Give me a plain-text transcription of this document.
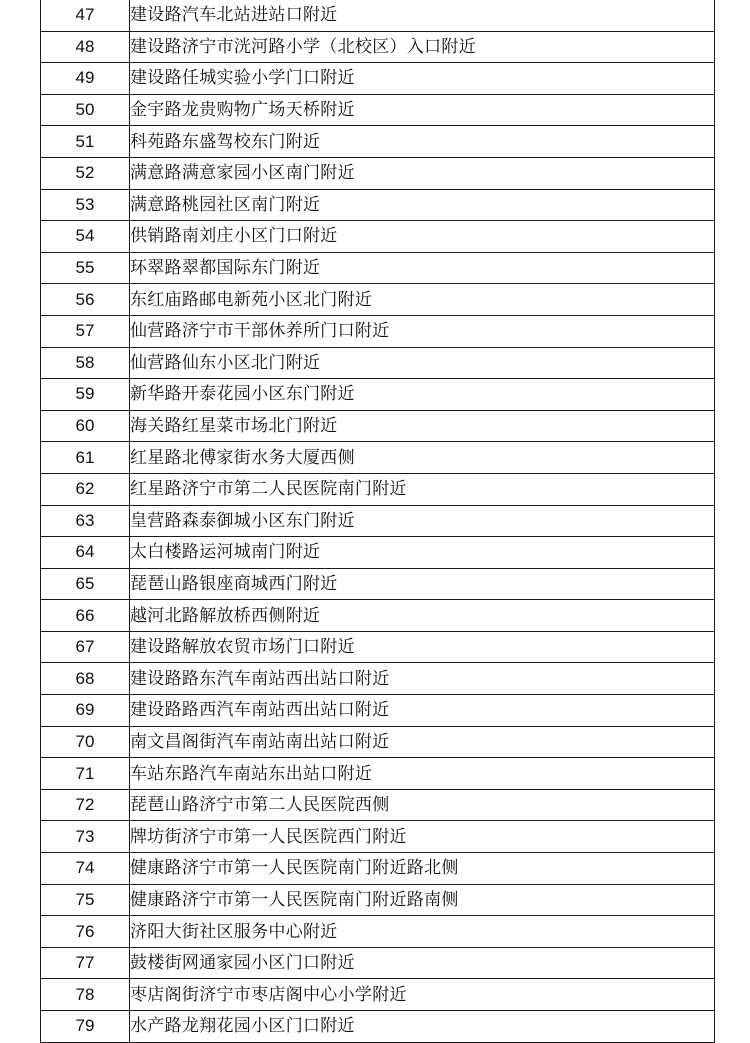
47	建设路汽车北站进站口附近
48	建设路济宁市洸河路小学（北校区）入口附近
49	建设路任城实验小学门口附近
50	金宇路龙贵购物广场天桥附近
51	科苑路东盛驾校东门附近
52	满意路满意家园小区南门附近
53	满意路桃园社区南门附近
54	供销路南刘庄小区门口附近
55	环翠路翠都国际东门附近
56	东红庙路邮电新苑小区北门附近
57	仙营路济宁市干部休养所门口附近
58	仙营路仙东小区北门附近
59	新华路开泰花园小区东门附近
60	海关路红星菜市场北门附近
61	红星路北傅家街水务大厦西侧
62	红星路济宁市第二人民医院南门附近
63	皇营路森泰御城小区东门附近
64	太白楼路运河城南门附近
65	琵琶山路银座商城西门附近
66	越河北路解放桥西侧附近
67	建设路解放农贸市场门口附近
68	建设路路东汽车南站西出站口附近
69	建设路路西汽车南站西出站口附近
70	南文昌阁街汽车南站南出站口附近
71	车站东路汽车南站东出站口附近
72	琵琶山路济宁市第二人民医院西侧
73	牌坊街济宁市第一人民医院西门附近
74	健康路济宁市第一人民医院南门附近路北侧
75	健康路济宁市第一人民医院南门附近路南侧
76	济阳大街社区服务中心附近
77	鼓楼街网通家园小区门口附近
78	枣店阁街济宁市枣店阁中心小学附近
79	水产路龙翔花园小区门口附近
